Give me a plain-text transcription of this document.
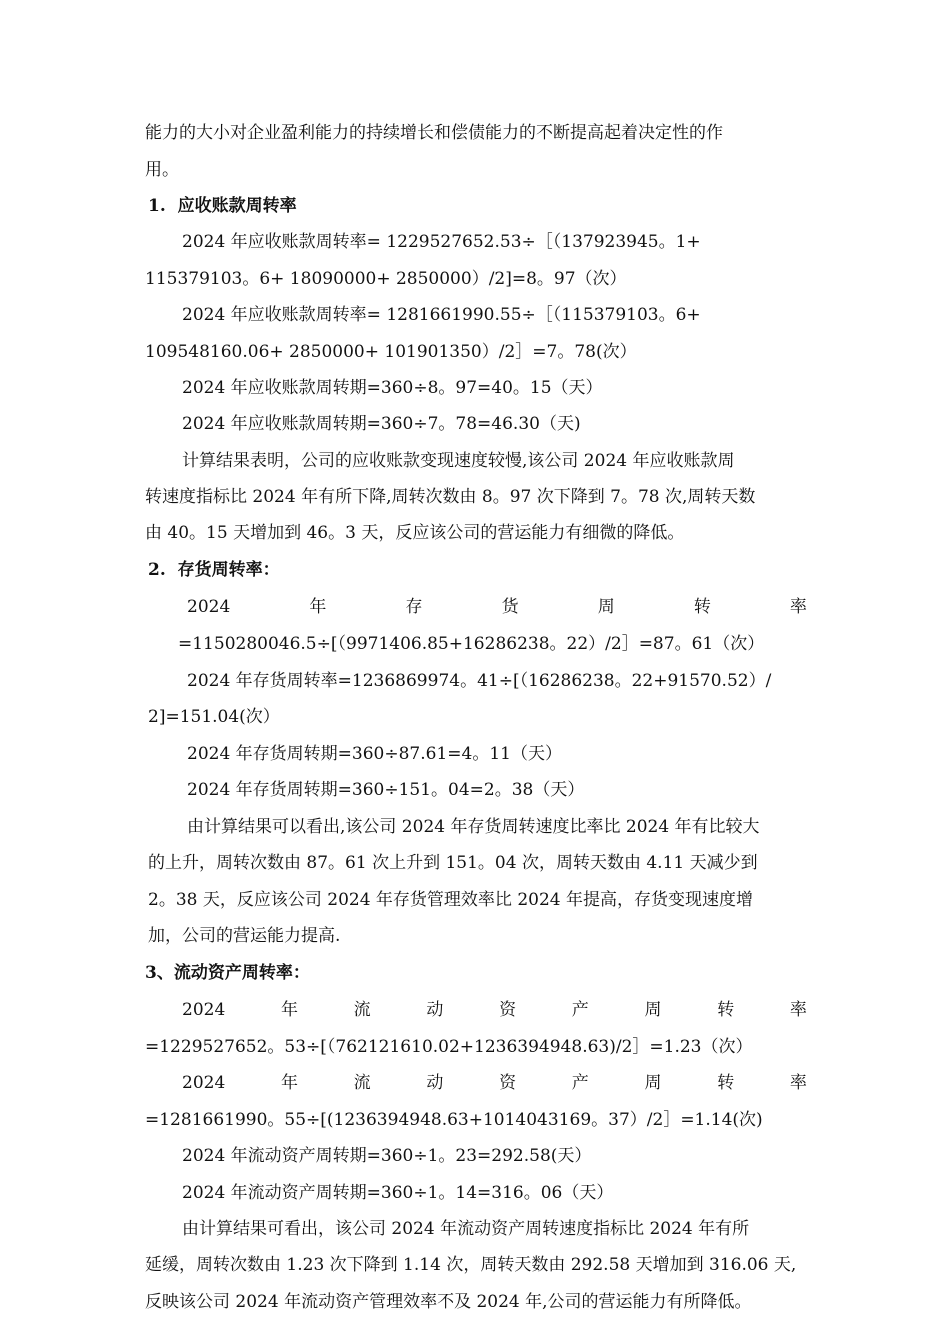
能力的大小对企业盈利能力的持续增长和偿债能力的不断提高起着决定性的作
用。
1.  应收账款周转率
2024 年应收账款周转率= 1229527652.53÷［（137923945。1+
115379103。6+ 18090000+ 2850000）/2]=8。97（次）
2024 年应收账款周转率= 1281661990.55÷［（115379103。6+
109548160.06+ 2850000+ 101901350）/2］=7。78(次）
2024 年应收账款周转期=360÷8。97=40。15（天）
2024 年应收账款周转期=360÷7。78=46.30（天)
计算结果表明，公司的应收账款变现速度较慢,该公司 2024 年应收账款周
转速度指标比 2024 年有所下降,周转次数由 8。97 次下降到 7。78 次,周转天数
由 40。15 天增加到 46。3 天，反应该公司的营运能力有细微的降低。
2.  存货周转率：
2024	年	存	货	周	转	率
=1150280046.5÷[（9971406.85+16286238。22）/2］=87。61（次）
2024 年存货周转率=1236869974。41÷[（16286238。22+91570.52）/
2]=151.04(次）
2024 年存货周转期=360÷87.61=4。11（天）
2024 年存货周转期=360÷151。04=2。38（天）
由计算结果可以看出,该公司 2024 年存货周转速度比率比 2024 年有比较大
的上升，周转次数由 87。61 次上升到 151。04 次，周转天数由 4.11 天减少到
2。38 天，反应该公司 2024 年存货管理效率比 2024 年提高，存货变现速度增
加，公司的营运能力提高.
3、流动资产周转率：
2024	年	流	动	资	产	周	转	率
=1229527652。53÷[（762121610.02+1236394948.63)/2］=1.23（次）
2024	年	流	动	资	产	周	转	率
=1281661990。55÷[(1236394948.63+1014043169。37）/2］=1.14(次)
2024 年流动资产周转期=360÷1。23=292.58(天）
2024 年流动资产周转期=360÷1。14=316。06（天）
由计算结果可看出，该公司 2024 年流动资产周转速度指标比 2024 年有所
延缓，周转次数由 1.23 次下降到 1.14 次，周转天数由 292.58 天增加到 316.06 天,
反映该公司 2024 年流动资产管理效率不及 2024 年,公司的营运能力有所降低。
